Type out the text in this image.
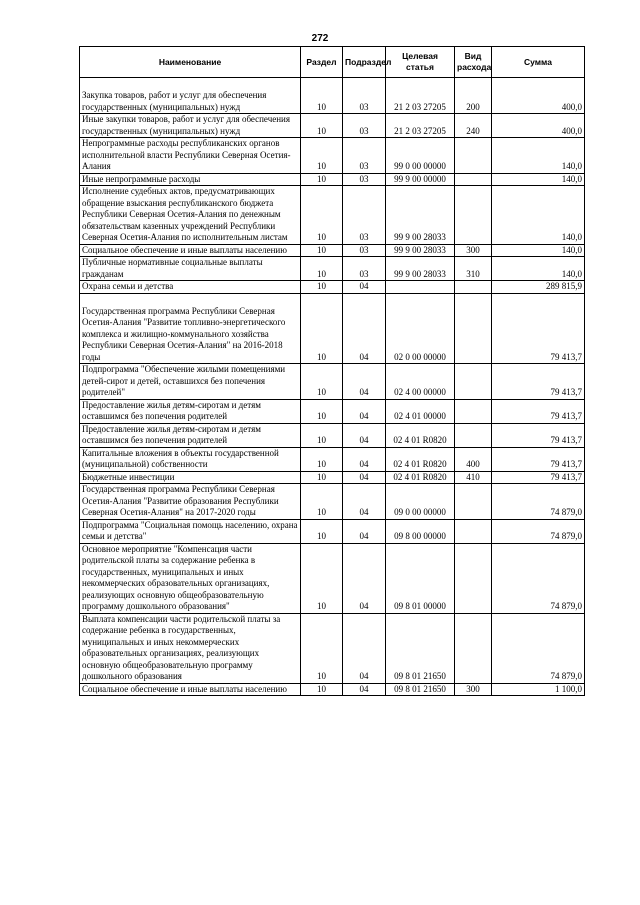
272
Наименование	Раздел	Подраздел	Целевая статья	Вид расхода	Сумма
Закупка товаров, работ и услуг для обеспечения государственных (муниципальных) нужд	10	03	21 2 03 27205	200	400,0
Иные закупки товаров, работ и услуг для обеспечения государственных (муниципальных) нужд	10	03	21 2 03 27205	240	400,0
Непрограммные расходы республиканских органов исполнительной власти Республики Северная Осетия-Алания	10	03	99 0 00 00000		140,0
Иные непрограммные расходы	10	03	99 9 00 00000		140,0
Исполнение судебных актов, предусматривающих обращение взыскания республиканского бюджета Республики Северная Осетия-Алания по денежным обязательствам казенных учреждений Республики Северная Осетия-Алания по исполнительным листам	10	03	99 9 00 28033		140,0
Социальное обеспечение и иные выплаты населению	10	03	99 9 00 28033	300	140,0
Публичные нормативные социальные выплаты гражданам	10	03	99 9 00 28033	310	140,0
Охрана семьи и детства	10	04			289 815,9
Государственная программа Республики Северная Осетия-Алания "Развитие топливно-энергетического комплекса и жилищно-коммунального хозяйства Республики Северная Осетия-Алания" на 2016-2018 годы	10	04	02 0 00 00000		79 413,7
Подпрограмма "Обеспечение жилыми помещениями детей-сирот и детей, оставшихся без попечения родителей"	10	04	02 4 00 00000		79 413,7
Предоставление жилья детям-сиротам и детям оставшимся без попечения родителей	10	04	02 4 01 00000		79 413,7
Предоставление жилья детям-сиротам и детям оставшимся без попечения родителей	10	04	02 4 01 R0820		79 413,7
Капитальные вложения в объекты государственной (муниципальной) собственности	10	04	02 4 01 R0820	400	79 413,7
Бюджетные инвестиции	10	04	02 4 01 R0820	410	79 413,7
Государственная программа Республики Северная Осетия-Алания "Развитие образования Республики Северная Осетия-Алания" на 2017-2020 годы	10	04	09 0 00 00000		74 879,0
Подпрограмма "Социальная помощь населению, охрана семьи и детства"	10	04	09 8 00 00000		74 879,0
Основное мероприятие "Компенсация части родительской платы за содержание ребенка в государственных, муниципальных и иных некоммерческих образовательных организациях, реализующих основную общеобразовательную программу дошкольного образования"	10	04	09 8 01 00000		74 879,0
Выплата компенсации части родительской платы за содержание ребенка в государственных, муниципальных и иных некоммерческих образовательных организациях, реализующих основную общеобразовательную программу дошкольного образования	10	04	09 8 01 21650		74 879,0
Социальное обеспечение и иные выплаты населению	10	04	09 8 01 21650	300	1 100,0
